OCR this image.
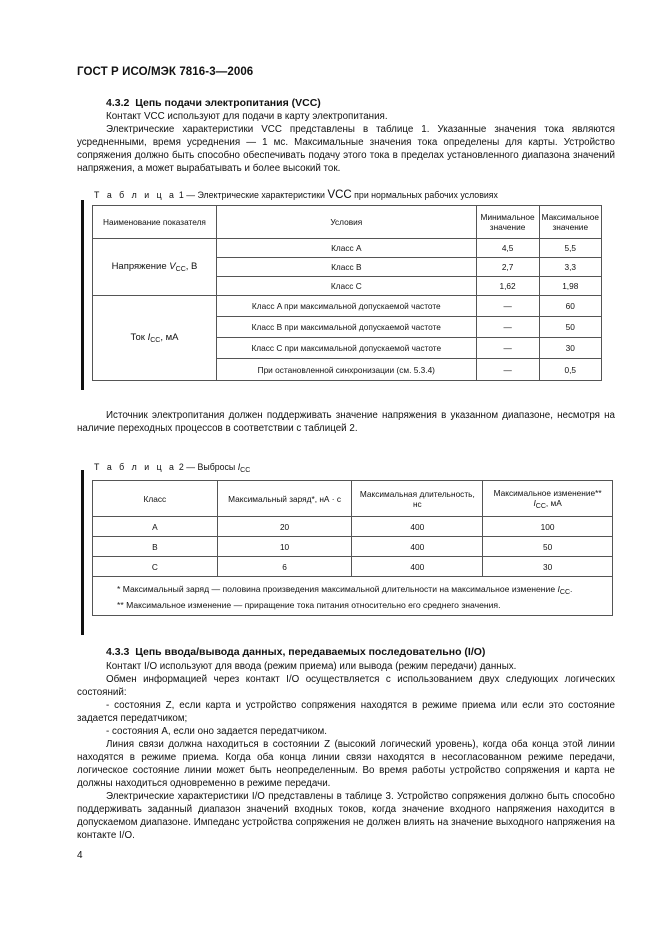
ГОСТ Р ИСО/МЭК 7816-3—2006
4.3.2 Цепь подачи электропитания (VCC)
Контакт VCC используют для подачи в карту электропитания.
Электрические характеристики VCC представлены в таблице 1. Указанные значения тока являются усредненными, время усреднения — 1 мс. Максимальные значения тока определены для карты. Устройство сопряжения должно быть способно обеспечивать подачу этого тока в пределах установленного диапазона значений напряжения, а может вырабатывать и более высокий ток.
Т а б л и ц а 1 — Электрические характеристики VCC при нормальных рабочих условиях
Наименование показателя	Условия	Минимальное значение	Максимальное значение
Напряжение $V_{CC}$, В	Класс A	4,5	5,5
	Класс B	2,7	3,3
	Класс C	1,62	1,98
Ток $I_{CC}$, мА	Класс A при максимальной допускаемой частоте	—	60
	Класс B при максимальной допускаемой частоте	—	50
	Класс C при максимальной допускаемой частоте	—	30
	При остановленной синхронизации (см. 5.3.4)	—	0,5
Источник электропитания должен поддерживать значение напряжения в указанном диапазоне, несмотря на наличие переходных процессов в соответствии с таблицей 2.
Т а б л и ц а 2 — Выбросы $I_{CC}$
Класс	Максимальный заряд*, нА · с	Максимальная длительность, нс	Максимальное изменение**
$I_{CC}$, мА
A	20	400	100
B	10	400	50
C	6	400	30

* Максимальный заряд — половина произведения максимальной длительности на максимальное изменение $I_{CC}$.
** Максимальное изменение — приращение тока питания относительно его среднего значения.			
4.3.3 Цепь ввода/вывода данных, передаваемых последовательно (I/O)
Контакт I/O используют для ввода (режим приема) или вывода (режим передачи) данных.
Обмен информацией через контакт I/O осуществляется с использованием двух следующих логических состояний:
- состояния Z, если карта и устройство сопряжения находятся в режиме приема или если это состояние задается передатчиком;
- состояния A, если оно задается передатчиком.
Линия связи должна находиться в состоянии Z (высокий логический уровень), когда оба конца этой линии находятся в режиме приема. Когда оба конца линии связи находятся в несогласованном режиме передачи, логическое состояние линии может быть неопределенным. Во время работы устройство сопряжения и карта не должны находиться одновременно в режиме передачи.
Электрические характеристики I/O представлены в таблице 3. Устройство сопряжения должно быть способно поддерживать заданный диапазон значений входных токов, когда значение входного напряжения находится в допускаемом диапазоне. Импеданс устройства сопряжения не должен влиять на значение выходного напряжения на контакте I/O.
4
